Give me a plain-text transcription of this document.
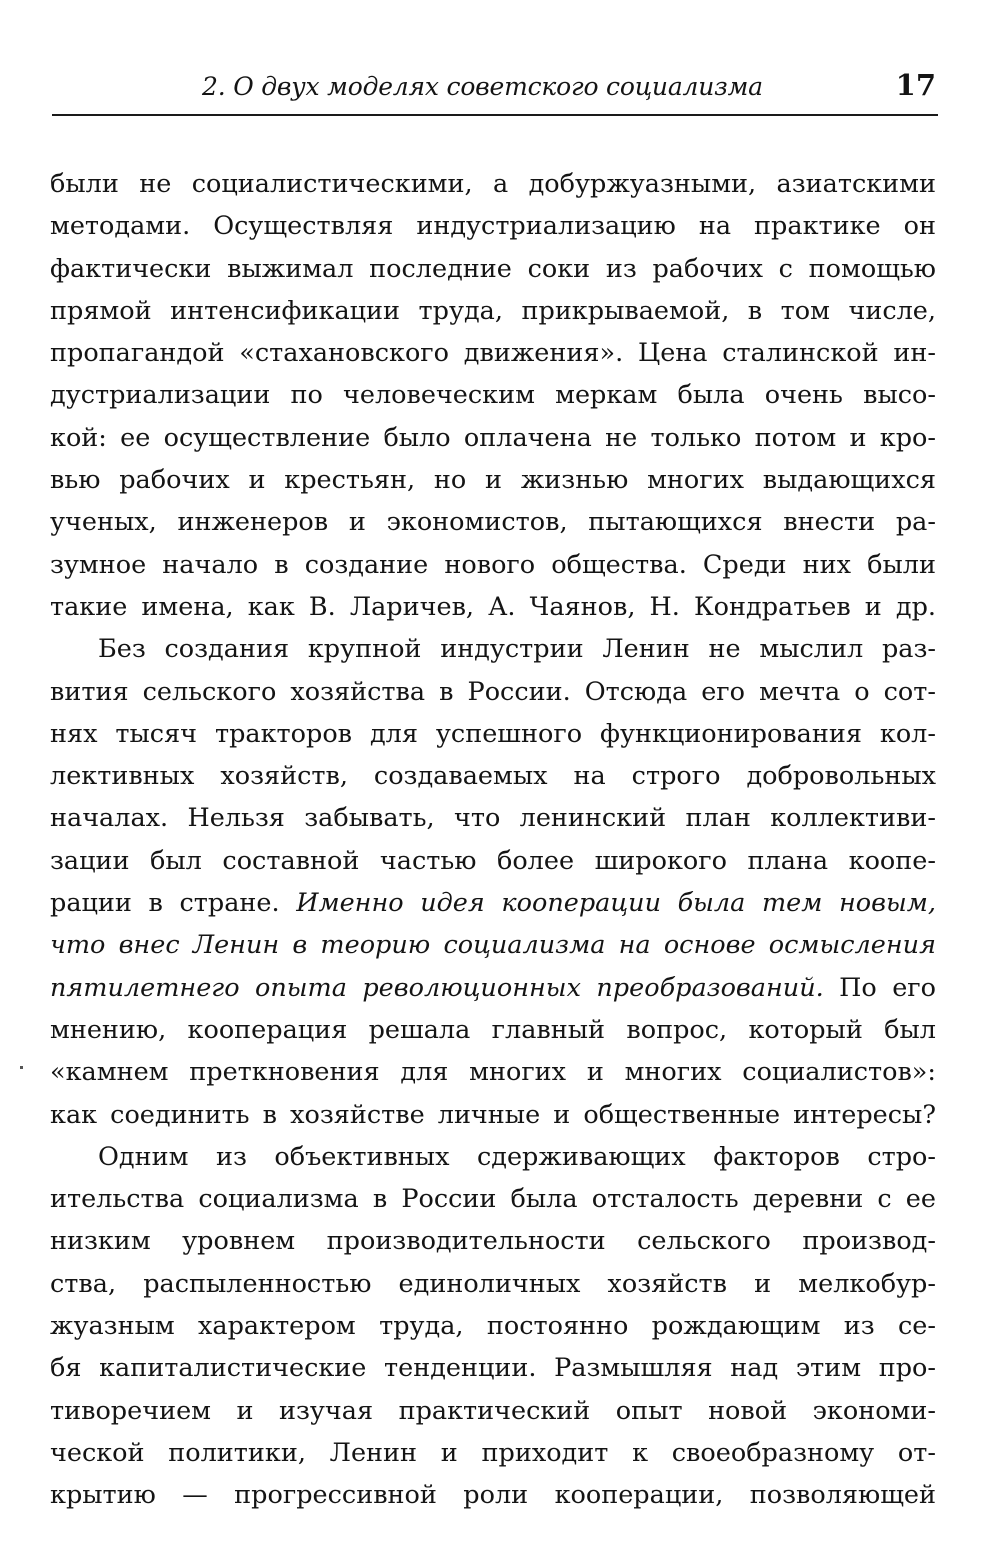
2. О двух моделях советского социализма	17
были не социалистическими, а добуржуазными, азиатскими
методами. Осуществляя индустриализацию на практике он
фактически выжимал последние соки из рабочих с помощью
прямой интенсификации труда, прикрываемой, в том числе,
пропагандой «стахановского движения». Цена сталинской ин-
дустриализации по человеческим меркам была очень высо-
кой: ее осуществление было оплачена не только потом и кро-
вью рабочих и крестьян, но и жизнью многих выдающихся
ученых, инженеров и экономистов, пытающихся внести ра-
зумное начало в создание нового общества. Среди них были
такие имена, как В. Ларичев, А. Чаянов, Н. Кондратьев и др.
Без создания крупной индустрии Ленин не мыслил раз-
вития сельского хозяйства в России. Отсюда его мечта о сот-
нях тысяч тракторов для успешного функционирования кол-
лективных хозяйств, создаваемых на строго добровольных
началах. Нельзя забывать, что ленинский план коллективи-
зации был составной частью более широкого плана коопе-
рации в стране. Именно идея кооперации была тем новым,
что внес Ленин в теорию социализма на основе осмысления
пятилетнего опыта революционных преобразований. По его
мнению, кооперация решала главный вопрос, который был
«камнем преткновения для многих и многих социалистов»:
как соединить в хозяйстве личные и общественные интересы?
Одним из объективных сдерживающих факторов стро-
ительства социализма в России была отсталость деревни с ее
низким уровнем производительности сельского производ-
ства, распыленностью единоличных хозяйств и мелкобур-
жуазным характером труда, постоянно рождающим из се-
бя капиталистические тенденции. Размышляя над этим про-
тиворечием и изучая практический опыт новой экономи-
ческой политики, Ленин и приходит к своеобразному от-
крытию — прогрессивной роли кооперации, позволяющей
